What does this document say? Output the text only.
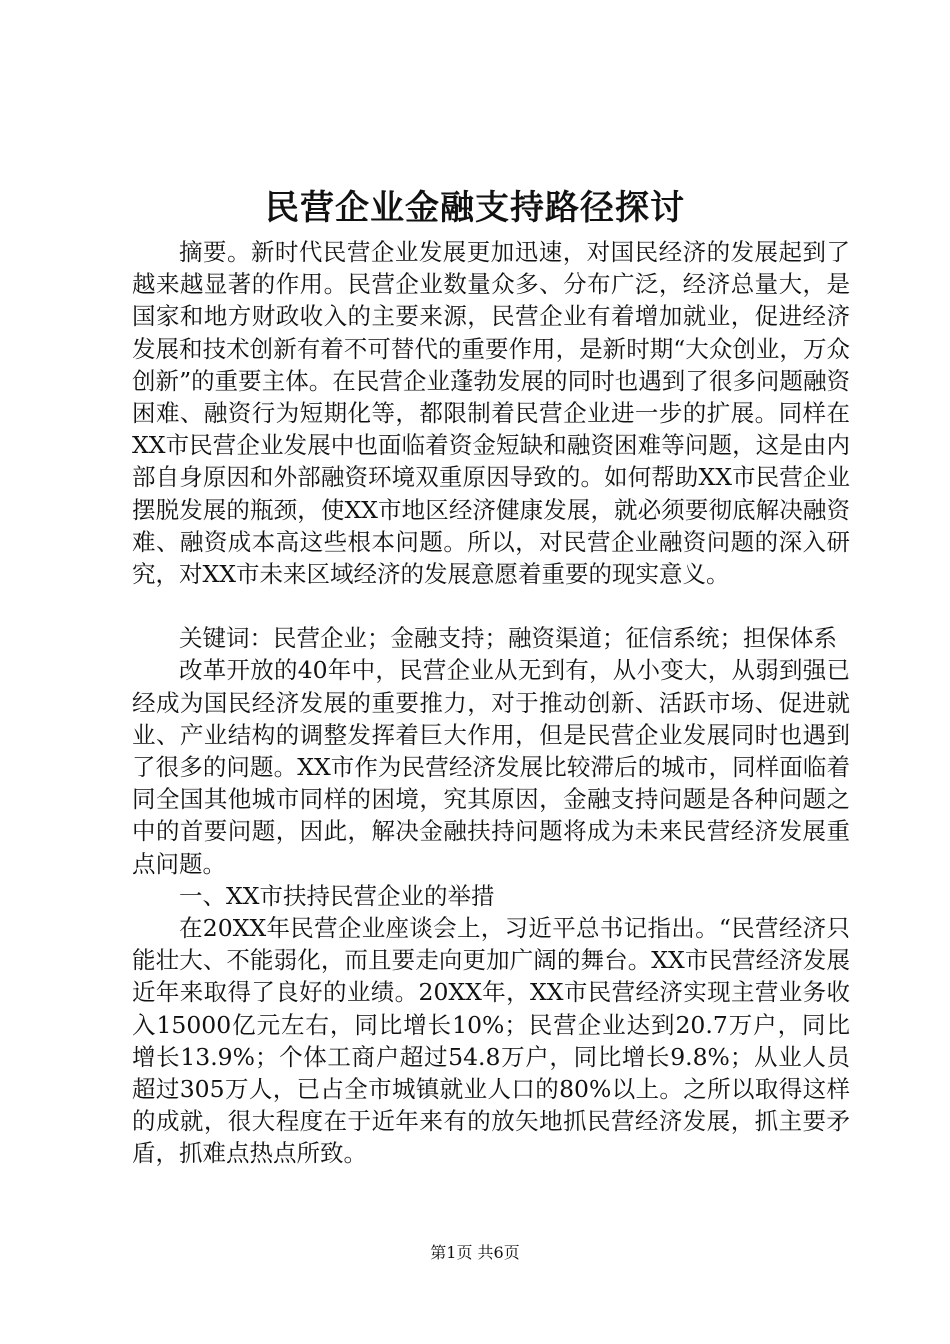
民营企业金融支持路径探讨

摘要。新时代民营企业发展更加迅速，对国民经济的发展起到了越来越显著的作用。民营企业数量众多、分布广泛，经济总量大，是国家和地方财政收入的主要来源，民营企业有着增加就业，促进经济发展和技术创新有着不可替代的重要作用，是新时期“大众创业，万众创新”的重要主体。在民营企业蓬勃发展的同时也遇到了很多问题融资困难、融资行为短期化等，都限制着民营企业进一步的扩展。同样在XX市民营企业发展中也面临着资金短缺和融资困难等问题，这是由内部自身原因和外部融资环境双重原因导致的。如何帮助XX市民营企业摆脱发展的瓶颈，使XX市地区经济健康发展，就必须要彻底解决融资难、融资成本高这些根本问题。所以，对民营企业融资问题的深入研究，对XX市未来区域经济的发展意愿着重要的现实意义。

关键词：民营企业；金融支持；融资渠道；征信系统；担保体系

改革开放的40年中，民营企业从无到有，从小变大，从弱到强已经成为国民经济发展的重要推力，对于推动创新、活跃市场、促进就业、产业结构的调整发挥着巨大作用，但是民营企业发展同时也遇到了很多的问题。XX市作为民营经济发展比较滞后的城市，同样面临着同全国其他城市同样的困境，究其原因，金融支持问题是各种问题之中的首要问题，因此，解决金融扶持问题将成为未来民营经济发展重点问题。

一、XX市扶持民营企业的举措

在20XX年民营企业座谈会上，习近平总书记指出。“民营经济只能壮大、不能弱化，而且要走向更加广阔的舞台。XX市民营经济发展近年来取得了良好的业绩。20XX年，XX市民营经济实现主营业务收入15000亿元左右，同比增长10%；民营企业达到20.7万户，同比增长13.9%；个体工商户超过54.8万户，同比增长9.8%；从业人员超过305万人，已占全市城镇就业人口的80%以上。之所以取得这样的成就，很大程度在于近年来有的放矢地抓民营经济发展，抓主要矛盾，抓难点热点所致。

第1页 共6页
